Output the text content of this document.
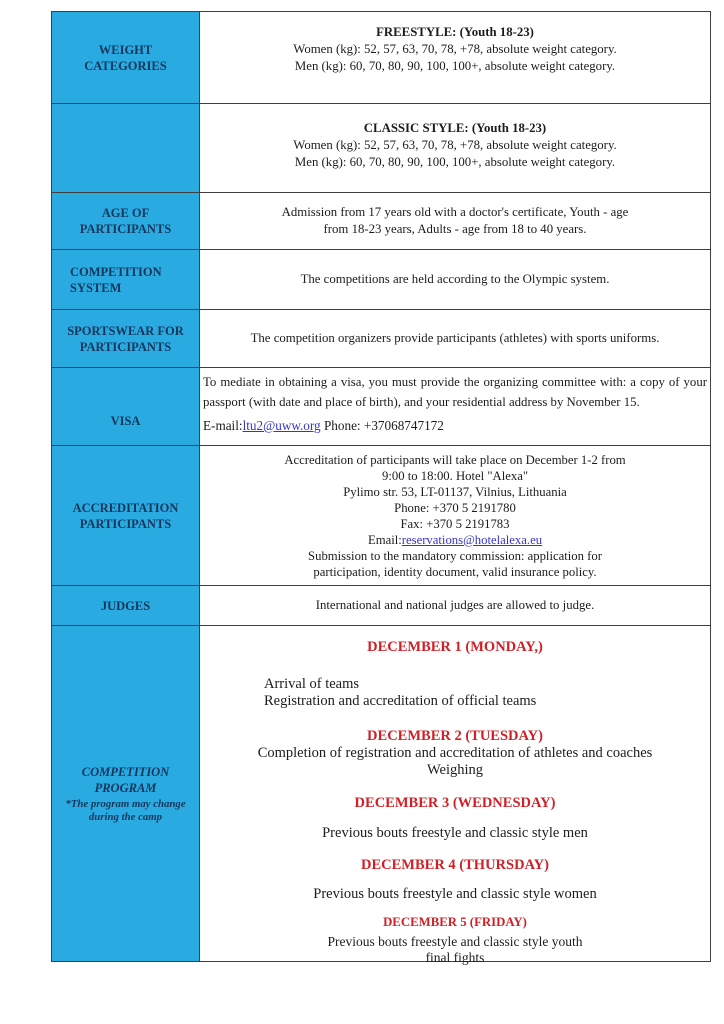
WEIGHT CATEGORIES
FREESTYLE: (Youth 18-23)
Women (kg): 52, 57, 63, 70, 78, +78, absolute weight category.
Men (kg): 60, 70, 80, 90, 100, 100+, absolute weight category.
CLASSIC STYLE: (Youth 18-23)
Women (kg): 52, 57, 63, 70, 78, +78, absolute weight category.
Men (kg): 60, 70, 80, 90, 100, 100+, absolute weight category.
AGE OF PARTICIPANTS
Admission from 17 years old with a doctor's certificate, Youth - age
from 18-23 years, Adults - age from 18 to 40 years.
COMPETITION SYSTEM
The competitions are held according to the Olympic system.
SPORTSWEAR FOR PARTICIPANTS
The competition organizers provide participants (athletes) with sports uniforms.
VISA

To mediate in obtaining a visa, you must provide the organizing committee with: a copy of your passport (with date and place of birth), and your residential address by November 15.

E-mail:ltu2@uww.org Phone: +37068747172
ACCREDITATION PARTICIPANTS
Accreditation of participants will take place on December 1-2 from
9:00 to 18:00. Hotel "Alexa"
Pylimo str. 53, LT-01137, Vilnius, Lithuania
Phone: +370 5 2191780
Fax: +370 5 2191783
Email:reservations@hotelalexa.eu
Submission to the mandatory commission: application for
participation, identity document, valid insurance policy.
JUDGES	International and national judges are allowed to judge.
COMPETITION PROGRAM
*The program may change during the camp
DECEMBER 1 (MONDAY,)
Arrival of teams
Registration and accreditation of official teams
DECEMBER 2 (TUESDAY)
Completion of registration and accreditation of athletes and coaches
Weighing
DECEMBER 3 (WEDNESDAY)
Previous bouts freestyle and classic style men
DECEMBER 4 (THURSDAY)
Previous bouts freestyle and classic style women
DECEMBER 5 (FRIDAY)
Previous bouts freestyle and classic style youth
final fights
